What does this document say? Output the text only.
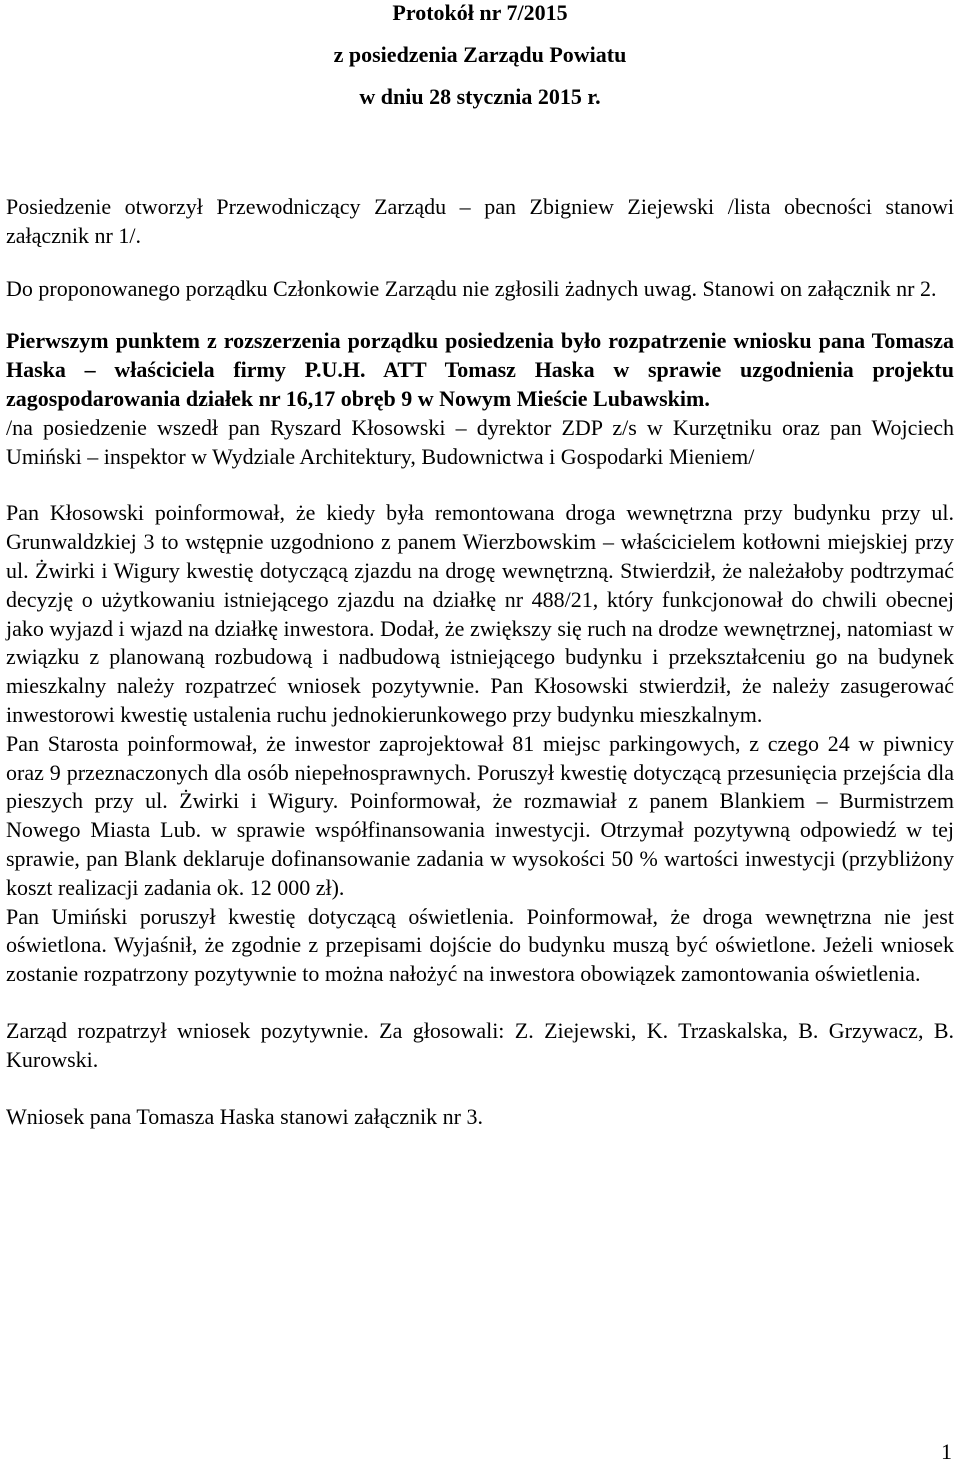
Protokół nr 7/2015
z posiedzenia Zarządu Powiatu
w dniu 28 stycznia 2015 r.

Posiedzenie otworzył Przewodniczący Zarządu – pan Zbigniew Ziejewski /lista obecności stanowi załącznik nr 1/.

Do proponowanego porządku Członkowie Zarządu nie zgłosili żadnych uwag. Stanowi on załącznik nr 2.

Pierwszym punktem z rozszerzenia porządku posiedzenia było rozpatrzenie wniosku pana Tomasza Haska – właściciela firmy P.U.H. ATT Tomasz Haska w sprawie uzgodnienia projektu zagospodarowania działek nr 16,17 obręb 9 w Nowym Mieście Lubawskim.

/na posiedzenie wszedł pan Ryszard Kłosowski – dyrektor ZDP z/s w Kurzętniku oraz pan Wojciech Umiński – inspektor w Wydziale Architektury, Budownictwa i Gospodarki Mieniem/

Pan Kłosowski poinformował, że kiedy była remontowana droga wewnętrzna przy budynku przy ul. Grunwaldzkiej 3 to wstępnie uzgodniono z panem Wierzbowskim – właścicielem kotłowni miejskiej przy ul. Żwirki i Wigury kwestię dotyczącą zjazdu na drogę wewnętrzną. Stwierdził, że należałoby podtrzymać decyzję o użytkowaniu istniejącego zjazdu na działkę nr 488/21, który funkcjonował do chwili obecnej jako wyjazd i wjazd na działkę inwestora. Dodał, że zwiększy się ruch na drodze wewnętrznej, natomiast w związku z planowaną rozbudową i nadbudową istniejącego budynku i przekształceniu go na budynek mieszkalny należy rozpatrzeć wniosek pozytywnie. Pan Kłosowski stwierdził, że należy zasugerować inwestorowi kwestię ustalenia ruchu jednokierunkowego przy budynku mieszkalnym.

Pan Starosta poinformował, że inwestor zaprojektował 81 miejsc parkingowych, z czego 24 w piwnicy oraz 9 przeznaczonych dla osób niepełnosprawnych. Poruszył kwestię dotyczącą przesunięcia przejścia dla pieszych przy ul. Żwirki i Wigury. Poinformował, że rozmawiał z panem Blankiem – Burmistrzem Nowego Miasta Lub. w sprawie współfinansowania inwestycji. Otrzymał pozytywną odpowiedź w tej sprawie, pan Blank deklaruje dofinansowanie zadania w wysokości 50 % wartości inwestycji (przybliżony koszt realizacji zadania ok. 12 000 zł).

Pan Umiński poruszył kwestię dotyczącą oświetlenia. Poinformował, że droga wewnętrzna nie jest oświetlona. Wyjaśnił, że zgodnie z przepisami dojście do budynku muszą być oświetlone. Jeżeli wniosek zostanie rozpatrzony pozytywnie to można nałożyć na inwestora obowiązek zamontowania oświetlenia.

Zarząd rozpatrzył wniosek pozytywnie. Za głosowali: Z. Ziejewski, K. Trzaskalska, B. Grzywacz, B. Kurowski.

Wniosek pana Tomasza Haska stanowi załącznik nr 3.

1
